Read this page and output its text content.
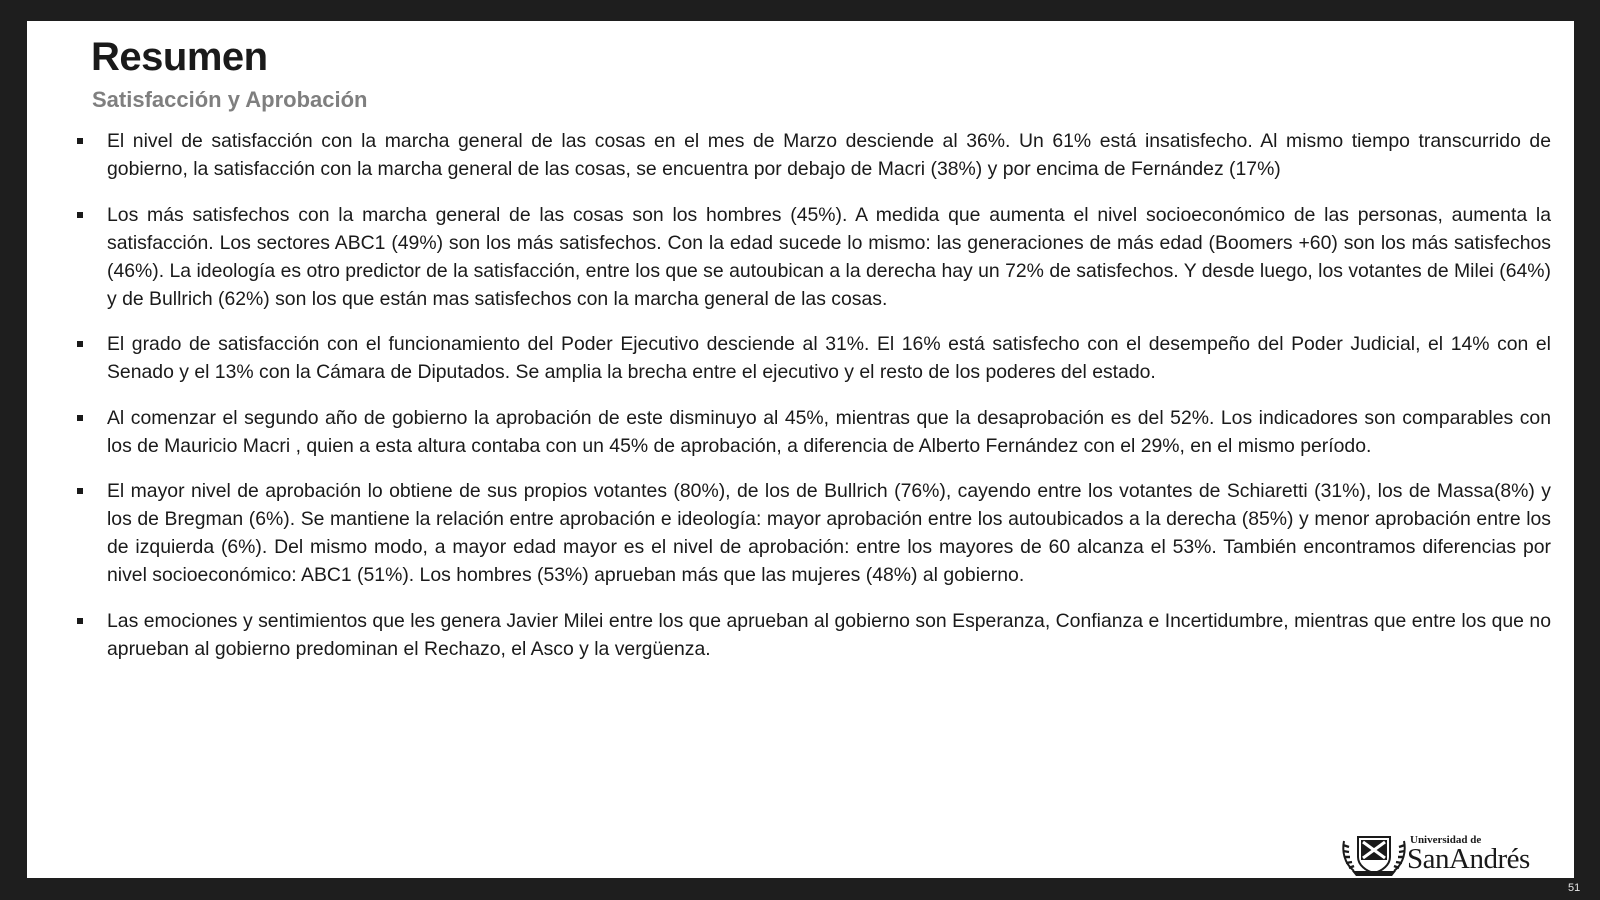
Resumen
Satisfacción y Aprobación
El nivel de satisfacción con la marcha general de las cosas en el mes de Marzo desciende al 36%. Un 61% está insatisfecho. Al mismo tiempo transcurrido de gobierno, la satisfacción con la marcha general de las cosas, se encuentra por debajo de Macri (38%) y por encima de Fernández (17%)
Los más satisfechos con la marcha general de las cosas son los hombres (45%). A medida que aumenta el nivel socioeconómico de las personas, aumenta la satisfacción. Los sectores ABC1 (49%) son los más satisfechos. Con la edad sucede lo mismo: las generaciones de más edad (Boomers +60) son los más satisfechos (46%). La ideología es otro predictor de la satisfacción, entre los que se autoubican a la derecha hay un 72% de satisfechos. Y desde luego, los votantes de Milei (64%) y de Bullrich (62%) son los que están mas satisfechos con la marcha general de las cosas.
El grado de satisfacción con el funcionamiento del Poder Ejecutivo desciende al 31%. El 16% está satisfecho con el desempeño del Poder Judicial, el 14% con el Senado y el 13% con la Cámara de Diputados. Se amplia la brecha entre el ejecutivo y el resto de los poderes del estado.
Al comenzar el segundo año de gobierno la aprobación de este disminuyo al 45%, mientras que la desaprobación es del 52%. Los indicadores son comparables con los de Mauricio Macri , quien a esta altura contaba con un 45% de aprobación, a diferencia de Alberto Fernández con el 29%, en el mismo período.
El mayor nivel de aprobación lo obtiene de sus propios votantes (80%), de los de Bullrich (76%), cayendo entre los votantes de Schiaretti (31%), los de Massa(8%) y los de Bregman (6%). Se mantiene la relación entre aprobación e ideología: mayor aprobación entre los autoubicados a la derecha (85%) y menor aprobación entre los de izquierda (6%). Del mismo modo, a mayor edad mayor es el nivel de aprobación: entre los mayores de 60 alcanza el 53%. También encontramos diferencias por nivel socioeconómico: ABC1 (51%). Los hombres (53%) aprueban más que las mujeres (48%) al gobierno.
Las emociones y sentimientos que les genera Javier Milei entre los que aprueban al gobierno son Esperanza, Confianza e Incertidumbre, mientras que entre los que no aprueban al gobierno predominan el Rechazo, el Asco y la vergüenza.
Universidad de
SanAndrés
51
